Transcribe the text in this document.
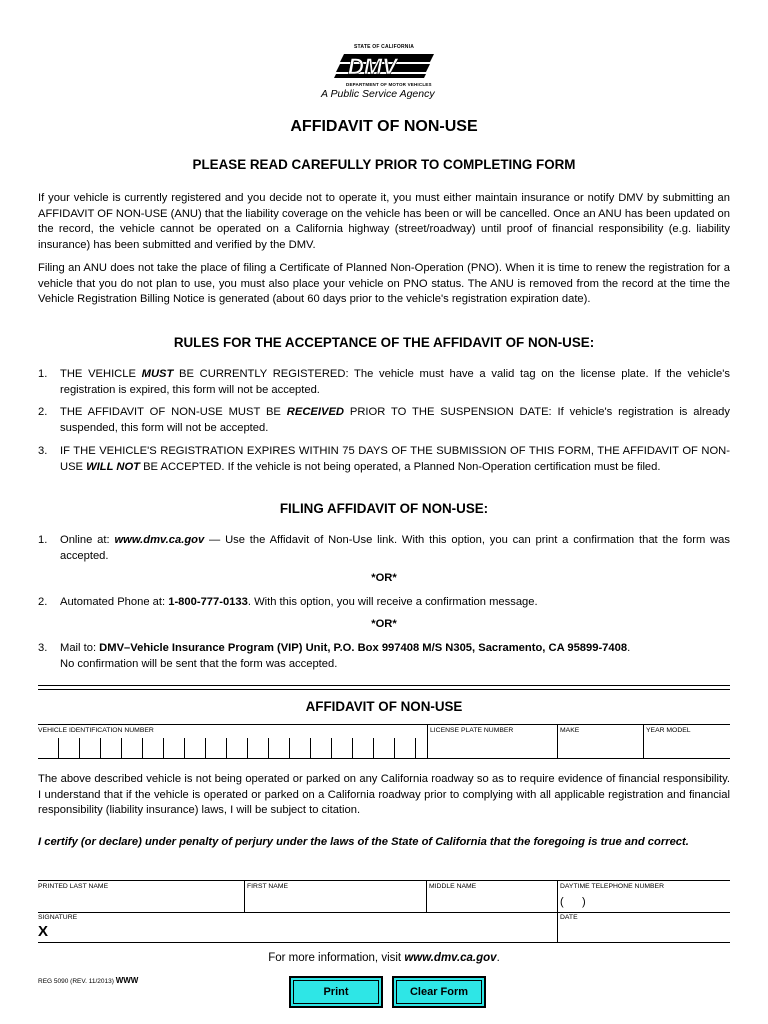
STATE OF CALIFORNIA
DMV
DEPARTMENT OF MOTOR VEHICLES
A Public Service Agency
AFFIDAVIT OF NON-USE
PLEASE READ CAREFULLY PRIOR TO COMPLETING FORM
If your vehicle is currently registered and you decide not to operate it, you must either maintain insurance or notify DMV by submitting an AFFIDAVIT OF NON-USE (ANU) that the liability coverage on the vehicle has been or will be cancelled. Once an ANU has been updated on the record, the vehicle cannot be operated on a California highway (street/roadway) until proof of financial responsibility (e.g. liability insurance) has been submitted and verified by the DMV.
Filing an ANU does not take the place of filing a Certificate of Planned Non-Operation (PNO). When it is time to renew the registration for a vehicle that you do not plan to use, you must also place your vehicle on PNO status. The ANU is removed from the record at the time the Vehicle Registration Billing Notice is generated (about 60 days prior to the vehicle's registration expiration date).
RULES FOR THE ACCEPTANCE OF THE AFFIDAVIT OF NON-USE:
1.	THE VEHICLE MUST BE CURRENTLY REGISTERED: The vehicle must have a valid tag on the license plate. If the vehicle's registration is expired, this form will not be accepted.
2.	THE AFFIDAVIT OF NON-USE MUST BE RECEIVED PRIOR TO THE SUSPENSION DATE: If vehicle's registration is already suspended, this form will not be accepted.
3.	IF THE VEHICLE'S REGISTRATION EXPIRES WITHIN 75 DAYS OF THE SUBMISSION OF THIS FORM, THE AFFIDAVIT OF NON-USE WILL NOT BE ACCEPTED. If the vehicle is not being operated, a Planned Non-Operation certification must be filed.
FILING AFFIDAVIT OF NON-USE:
1.	Online at: www.dmv.ca.gov — Use the Affidavit of Non-Use link. With this option, you can print a confirmation that the form was accepted.
*OR*
2.	Automated Phone at: 1-800-777-0133. With this option, you will receive a confirmation message.
*OR*
3.	Mail to: DMV–Vehicle Insurance Program (VIP) Unit, P.O. Box 997408 M/S N305, Sacramento, CA 95899-7408.
No confirmation will be sent that the form was accepted.
AFFIDAVIT OF NON-USE
VEHICLE IDENTIFICATION NUMBER	LICENSE PLATE NUMBER	MAKE	YEAR MODEL
The above described vehicle is not being operated or parked on any California roadway so as to require evidence of financial responsibility. I understand that if the vehicle is operated or parked on a California roadway prior to complying with all applicable registration and financial responsibility (liability insurance) laws, I will be subject to citation.
I certify (or declare) under penalty of perjury under the laws of the State of California that the foregoing is true and correct.
PRINTED LAST NAME	FIRST NAME	MIDDLE NAME	DAYTIME TELEPHONE NUMBER
(      )
SIGNATURE
X
DATE
For more information, visit www.dmv.ca.gov.
REG 5090 (REV. 11/2013) WWW
Print	Clear Form
